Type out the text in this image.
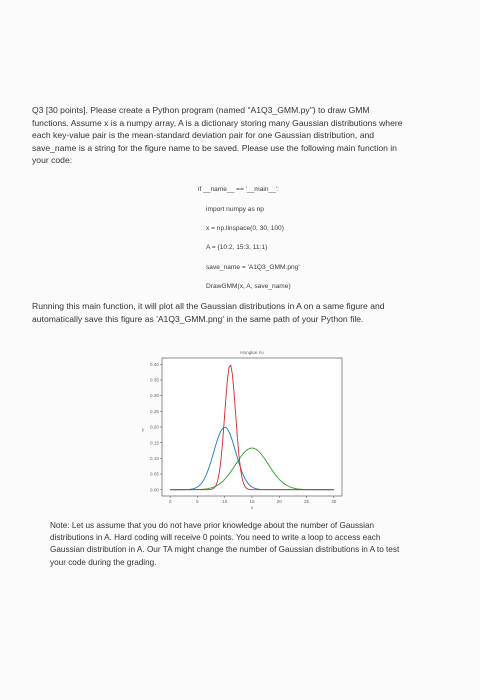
Q3 [30 points]. Please create a Python program (named "A1Q3_GMM.py") to draw GMM
functions. Assume x is a numpy array, A is a dictionary storing many Gaussian distributions where
each key-value pair is the mean-standard deviation pair for one Gaussian distribution, and
save_name is a string for the figure name to be saved. Please use the following main function in
your code:
if __name__ == '__main__':
import numpy as np
x = np.linspace(0, 30, 100)
A = {10:2, 15:3, 11:1}
save_name = 'A1Q3_GMM.png'
DrawGMM(x, A, save_name)
Running this main function, it will plot all the Gaussian distributions in A on a same figure and
automatically save this figure as 'A1Q3_GMM.png' in the same path of your Python file.
Hongkai Yu
0.00
0.05
0.10
0.15
0.20
0.25
0.30
0.35
0.40
0	5	10	15	20	25	30
x
y
Note: Let us assume that you do not have prior knowledge about the number of Gaussian
distributions in A. Hard coding will receive 0 points. You need to write a loop to access each
Gaussian distribution in A. Our TA might change the number of Gaussian distributions in A to test
your code during the grading.
